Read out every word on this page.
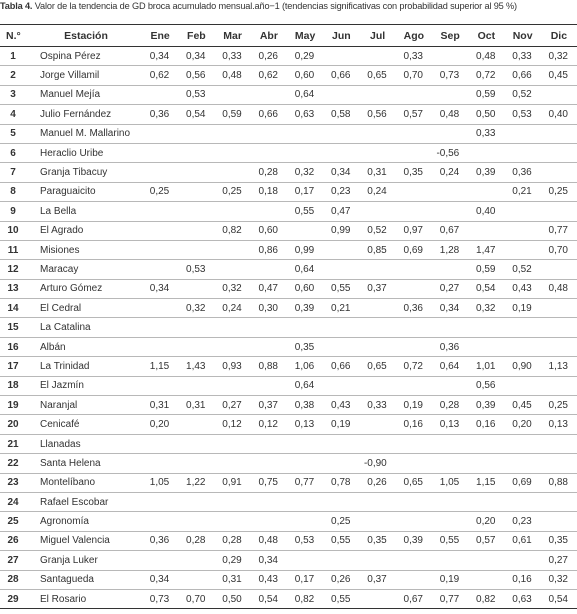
Tabla 4. Valor de la tendencia de GD broca acumulado mensual.año−1 (tendencias significativas con probabilidad superior al 95 %)
N.°	Estación	Ene	Feb	Mar	Abr	May	Jun	Jul	Ago	Sep	Oct	Nov	Dic
1	Ospina Pérez	0,34	0,34	0,33	0,26	0,29			0,33		0,48	0,33	0,32
2	Jorge Villamil	0,62	0,56	0,48	0,62	0,60	0,66	0,65	0,70	0,73	0,72	0,66	0,45
3	Manuel Mejía		0,53			0,64					0,59	0,52	
4	Julio Fernández	0,36	0,54	0,59	0,66	0,63	0,58	0,56	0,57	0,48	0,50	0,53	0,40
5	Manuel M. Mallarino										0,33		
6	Heraclio Uribe									-0,56			
7	Granja Tibacuy				0,28	0,32	0,34	0,31	0,35	0,24	0,39	0,36	
8	Paraguaicito	0,25		0,25	0,18	0,17	0,23	0,24				0,21	0,25
9	La Bella					0,55	0,47				0,40		
10	El Agrado			0,82	0,60		0,99	0,52	0,97	0,67			0,77
11	Misiones				0,86	0,99		0,85	0,69	1,28	1,47		0,70
12	Maracay		0,53			0,64					0,59	0,52	
13	Arturo Gómez	0,34		0,32	0,47	0,60	0,55	0,37		0,27	0,54	0,43	0,48
14	El Cedral		0,32	0,24	0,30	0,39	0,21		0,36	0,34	0,32	0,19	
15	La Catalina												
16	Albán					0,35				0,36			
17	La Trinidad	1,15	1,43	0,93	0,88	1,06	0,66	0,65	0,72	0,64	1,01	0,90	1,13
18	El Jazmín					0,64					0,56		
19	Naranjal	0,31	0,31	0,27	0,37	0,38	0,43	0,33	0,19	0,28	0,39	0,45	0,25
20	Cenicafé	0,20		0,12	0,12	0,13	0,19		0,16	0,13	0,16	0,20	0,13
21	Llanadas												
22	Santa Helena							-0,90					
23	Montelíbano	1,05	1,22	0,91	0,75	0,77	0,78	0,26	0,65	1,05	1,15	0,69	0,88
24	Rafael Escobar												
25	Agronomía						0,25				0,20	0,23	
26	Miguel Valencia	0,36	0,28	0,28	0,48	0,53	0,55	0,35	0,39	0,55	0,57	0,61	0,35
27	Granja Luker			0,29	0,34								0,27
28	Santagueda	0,34		0,31	0,43	0,17	0,26	0,37		0,19		0,16	0,32
29	El Rosario	0,73	0,70	0,50	0,54	0,82	0,55		0,67	0,77	0,82	0,63	0,54
